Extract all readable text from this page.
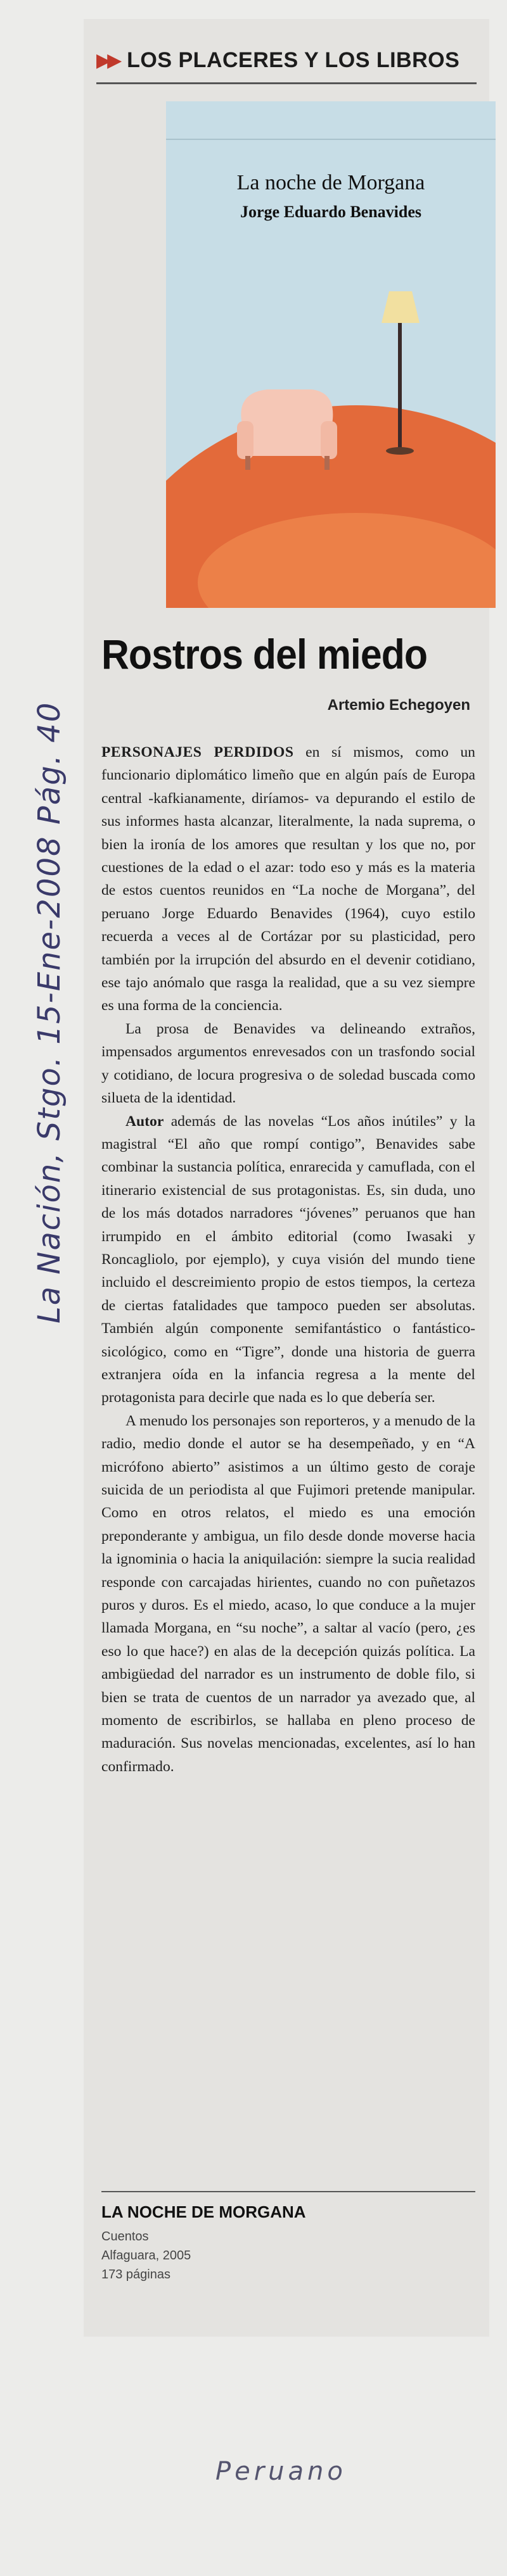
▶▶ LOS PLACERES Y LOS LIBROS
La noche de Morgana
Jorge Eduardo Benavides
Rostros del miedo
Artemio Echegoyen

PERSONAJES PERDIDOS en sí mismos, como un funcionario diplomático limeño que en algún país de Europa central -kafkianamente, diríamos- va depurando el estilo de sus informes hasta alcanzar, literalmente, la nada suprema, o bien la ironía de los amores que resultan y los que no, por cuestiones de la edad o el azar: todo eso y más es la materia de estos cuentos reunidos en “La noche de Morgana”, del peruano Jorge Eduardo Benavides (1964), cuyo estilo recuerda a veces al de Cortázar por su plasticidad, pero también por la irrupción del absurdo en el devenir cotidiano, ese tajo anómalo que rasga la realidad, que a su vez siempre es una forma de la conciencia.

La prosa de Benavides va delineando extraños, impensados argumentos enrevesados con un trasfondo social y cotidiano, de locura progresiva o de soledad buscada como silueta de la identidad.

Autor además de las novelas “Los años inútiles” y la magistral “El año que rompí contigo”, Benavides sabe combinar la sustancia política, enrarecida y camuflada, con el itinerario existencial de sus protagonistas. Es, sin duda, uno de los más dotados narradores “jóvenes” peruanos que han irrumpido en el ámbito editorial (como Iwasaki y Roncagliolo, por ejemplo), y cuya visión del mundo tiene incluido el descreimiento propio de estos tiempos, la certeza de ciertas fatalidades que tampoco pueden ser absolutas. También algún componente semifantástico o fantástico-sicológico, como en “Tigre”, donde una historia de guerra extranjera oída en la infancia regresa a la mente del protagonista para decirle que nada es lo que debería ser.

A menudo los personajes son reporteros, y a menudo de la radio, medio donde el autor se ha desempeñado, y en “A micrófono abierto” asistimos a un último gesto de coraje suicida de un periodista al que Fujimori pretende manipular. Como en otros relatos, el miedo es una emoción preponderante y ambigua, un filo desde donde moverse hacia la ignominia o hacia la aniquilación: siempre la sucia realidad responde con carcajadas hirientes, cuando no con puñetazos puros y duros. Es el miedo, acaso, lo que conduce a la mujer llamada Morgana, en “su noche”, a saltar al vacío (pero, ¿es eso lo que hace?) en alas de la decepción quizás política. La ambigüedad del narrador es un instrumento de doble filo, si bien se trata de cuentos de un narrador ya avezado que, al momento de escribirlos, se hallaba en pleno proceso de maduración. Sus novelas mencionadas, excelentes, así lo han confirmado.

LA NOCHE DE MORGANA
Cuentos
Alfaguara, 2005
173 páginas
La Nación, Stgo. 15-Ene-2008 Pág. 40
Peruano
